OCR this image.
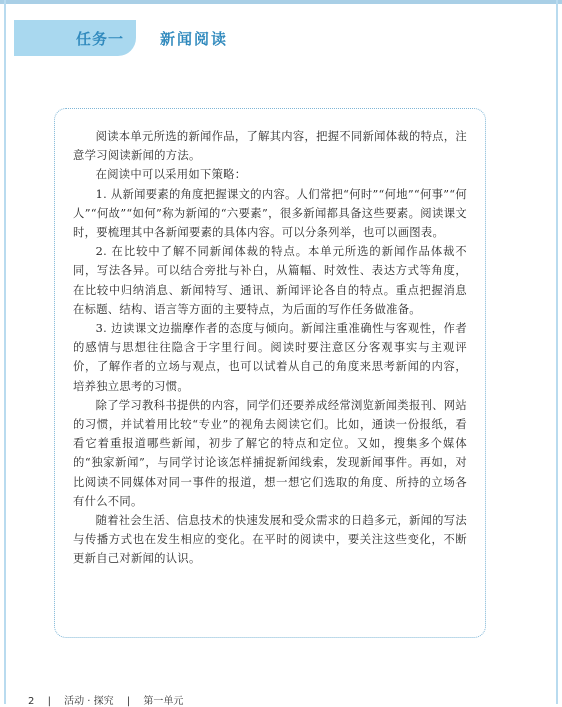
任务一 新闻阅读

阅读本单元所选的新闻作品，了解其内容，把握不同新闻体裁的特点，注意学习阅读新闻的方法。

在阅读中可以采用如下策略：

1. 从新闻要素的角度把握课文的内容。人们常把“何时”“何地”“何事”“何人”“何故”“如何”称为新闻的“六要素”，很多新闻都具备这些要素。阅读课文时，要梳理其中各新闻要素的具体内容。可以分条列举，也可以画图表。

2. 在比较中了解不同新闻体裁的特点。本单元所选的新闻作品体裁不同，写法各异。可以结合旁批与补白，从篇幅、时效性、表达方式等角度，在比较中归纳消息、新闻特写、通讯、新闻评论各自的特点。重点把握消息在标题、结构、语言等方面的主要特点，为后面的写作任务做准备。

3. 边读课文边揣摩作者的态度与倾向。新闻注重准确性与客观性，作者的感情与思想往往隐含于字里行间。阅读时要注意区分客观事实与主观评价，了解作者的立场与观点，也可以试着从自己的角度来思考新闻的内容，培养独立思考的习惯。

除了学习教科书提供的内容，同学们还要养成经常浏览新闻类报刊、网站的习惯，并试着用比较“专业”的视角去阅读它们。比如，通读一份报纸，看看它着重报道哪些新闻，初步了解它的特点和定位。又如，搜集多个媒体的“独家新闻”，与同学讨论该怎样捕捉新闻线索，发现新闻事件。再如，对比阅读不同媒体对同一事件的报道，想一想它们选取的角度、所持的立场各有什么不同。

随着社会生活、信息技术的快速发展和受众需求的日趋多元，新闻的写法与传播方式也在发生相应的变化。在平时的阅读中，要关注这些变化，不断更新自己对新闻的认识。

2 | 活动 · 探究 | 第一单元
